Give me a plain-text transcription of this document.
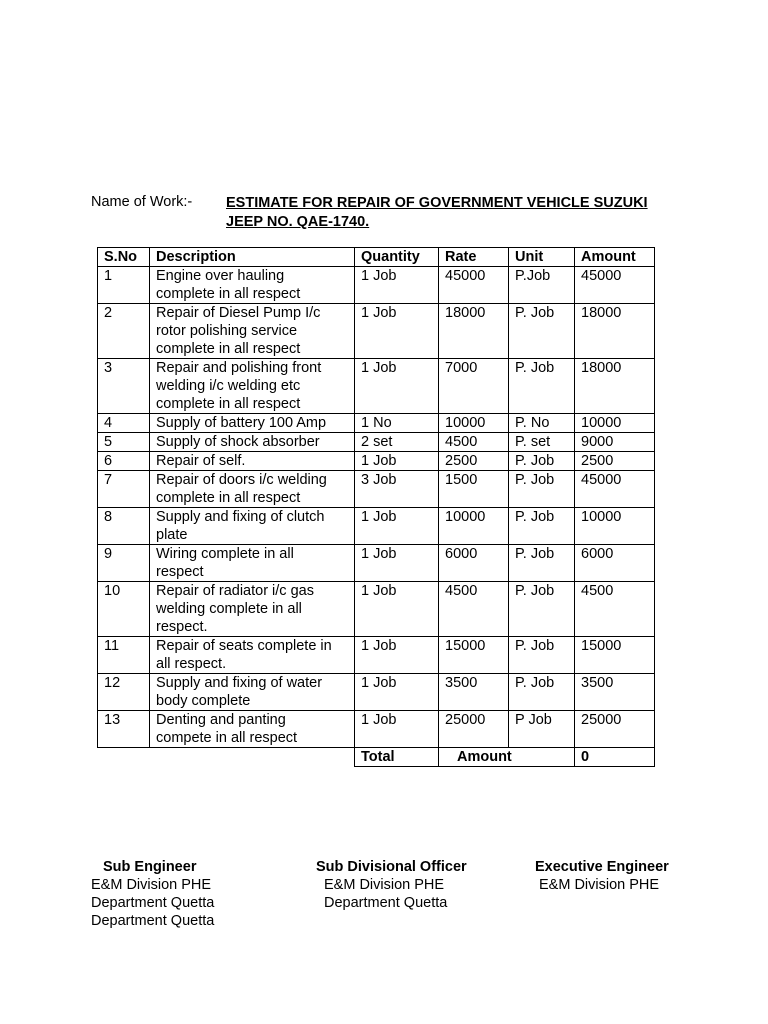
Name of Work:- ESTIMATE FOR REPAIR OF GOVERNMENT VEHICLE SUZUKI
JEEP NO. QAE-1740.
S.No	Description	Quantity	Rate	Unit	Amount
1	Engine over hauling
complete in all respect	1 Job	45000	P.Job	45000
2	Repair of Diesel Pump I/c
rotor polishing service
complete in all respect	1 Job	18000	P. Job	18000
3	Repair and polishing front
welding i/c welding etc
complete in all respect	1 Job	7000	P. Job	18000
4	Supply of battery 100 Amp	1 No	10000	P. No	10000
5	Supply of shock absorber	2 set	4500	P. set	9000
6	Repair of self.	1 Job	2500	P. Job	2500
7	Repair of doors i/c welding
complete in all respect	3 Job	1500	P. Job	45000
8	Supply and fixing of clutch
plate	1 Job	10000	P. Job	10000
9	Wiring complete in all
respect	1 Job	6000	P. Job	6000
10	Repair of radiator i/c gas
welding complete in all
respect.	1 Job	4500	P. Job	4500
11	Repair of seats complete in
all respect.	1 Job	15000	P. Job	15000
12	Supply and fixing of water
body complete	1 Job	3500	P. Job	3500
13	Denting and panting
compete in all respect	1 Job	25000	P Job	25000
		Total	Amount		0
Sub Engineer
E&M Division PHE
Department Quetta
Department Quetta
Sub Divisional Officer
E&M Division PHE
Department Quetta
Executive Engineer
E&M Division PHE
